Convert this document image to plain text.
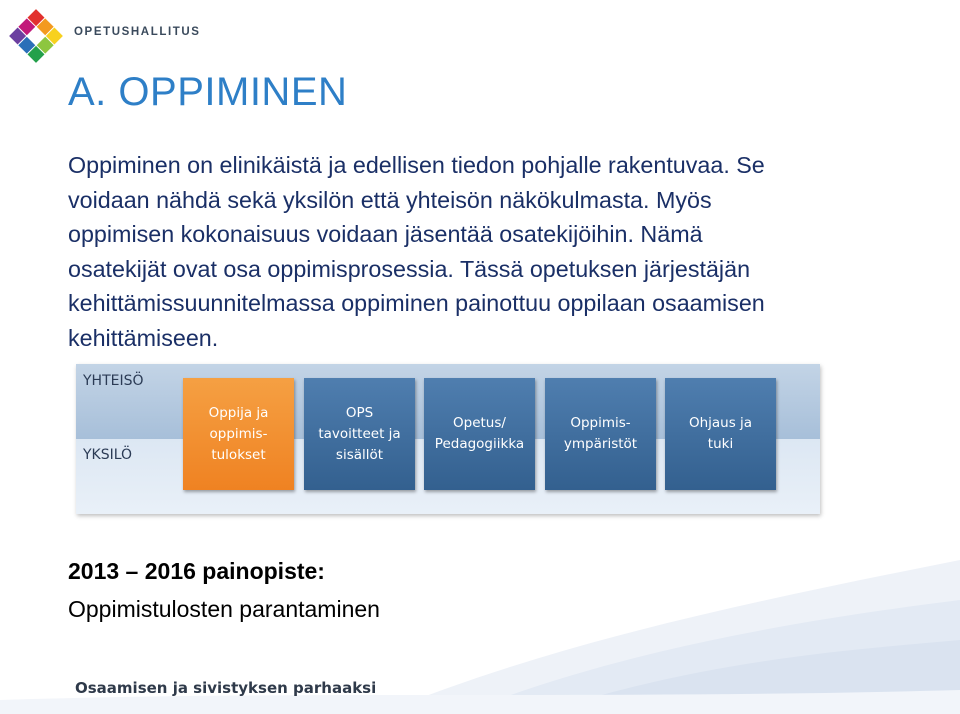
OPETUSHALLITUS
A. OPPIMINEN
Oppiminen on elinikäistä ja edellisen tiedon pohjalle rakentuvaa. Se
voidaan nähdä sekä yksilön että yhteisön näkökulmasta. Myös
oppimisen kokonaisuus voidaan jäsentää osatekijöihin. Nämä
osatekijät ovat osa oppimisprosessia. Tässä opetuksen järjestäjän
kehittämissuunnitelmassa oppiminen painottuu oppilaan osaamisen
kehittämiseen.
YHTEISÖ
YKSILÖ
Oppija ja
oppimis-
tulokset
OPS
tavoitteet ja
sisällöt
Opetus/
Pedagogiikka
Oppimis-
ympäristöt
Ohjaus ja
tuki

2013 – 2016 painopiste:

Oppimistulosten parantaminen

Osaamisen ja sivistyksen parhaaksi
